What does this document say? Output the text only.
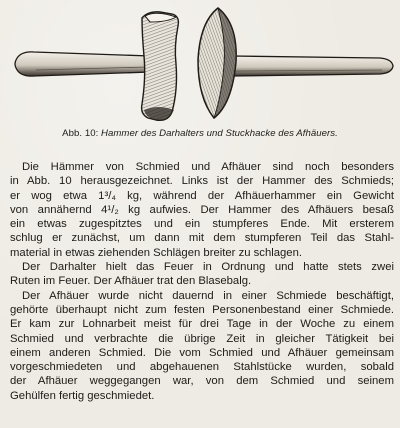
Abb. 10: Hammer des Darhalters und Stuckhacke des Afhäuers.
Die Hämmer von Schmied und Afhäuer sind noch besonders
in Abb. 10 herausgezeichnet. Links ist der Hammer des Schmieds;
er wog etwa 1³/₄ kg, während der Afhäuerhammer ein Gewicht
von annähernd 4¹/₂ kg aufwies. Der Hammer des Afhäuers besaß
ein etwas zugespitztes und ein stumpferes Ende. Mit ersterem
schlug er zunächst, um dann mit dem stumpferen Teil das Stahl-
material in etwas ziehenden Schlägen breiter zu schlagen.
Der Darhalter hielt das Feuer in Ordnung und hatte stets zwei
Ruten im Feuer. Der Afhäuer trat den Blasebalg.
Der Afhäuer wurde nicht dauernd in einer Schmiede beschäftigt,
gehörte überhaupt nicht zum festen Personenbestand einer Schmiede.
Er kam zur Lohnarbeit meist für drei Tage in der Woche zu einem
Schmied und verbrachte die übrige Zeit in gleicher Tätigkeit bei
einem anderen Schmied. Die vom Schmied und Afhäuer gemeinsam
vorgeschmiedeten und abgehauenen Stahlstücke wurden, sobald
der Afhäuer weggegangen war, von dem Schmied und seinem
Gehülfen fertig geschmiedet.
